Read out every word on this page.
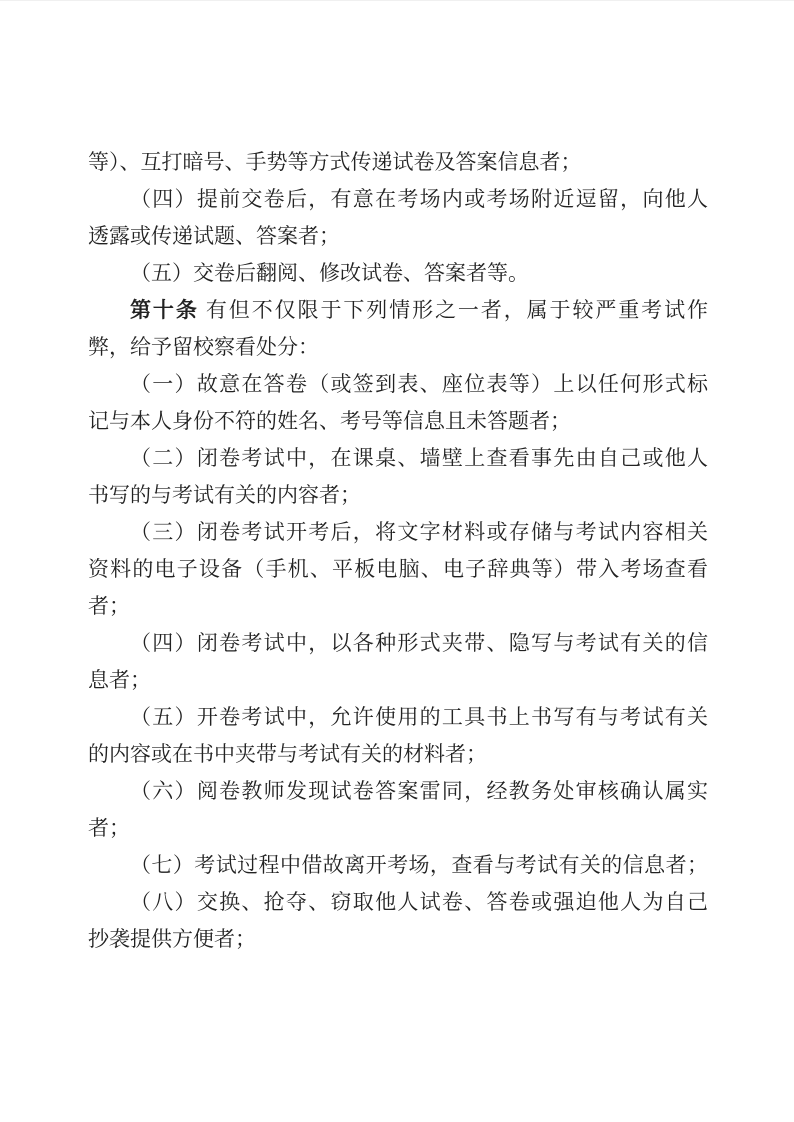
等）、互打暗号、手势等方式传递试卷及答案信息者；
（四）提前交卷后，有意在考场内或考场附近逗留，向他人
透露或传递试题、答案者；
（五）交卷后翻阅、修改试卷、答案者等。
第十条 有但不仅限于下列情形之一者，属于较严重考试作
弊，给予留校察看处分：
（一）故意在答卷（或签到表、座位表等）上以任何形式标
记与本人身份不符的姓名、考号等信息且未答题者；
（二）闭卷考试中，在课桌、墙壁上查看事先由自己或他人
书写的与考试有关的内容者；
（三）闭卷考试开考后，将文字材料或存储与考试内容相关
资料的电子设备（手机、平板电脑、电子辞典等）带入考场查看
者；
（四）闭卷考试中，以各种形式夹带、隐写与考试有关的信
息者；
（五）开卷考试中，允许使用的工具书上书写有与考试有关
的内容或在书中夹带与考试有关的材料者；
（六）阅卷教师发现试卷答案雷同，经教务处审核确认属实
者；
（七）考试过程中借故离开考场，查看与考试有关的信息者；
（八）交换、抢夺、窃取他人试卷、答卷或强迫他人为自己
抄袭提供方便者；
